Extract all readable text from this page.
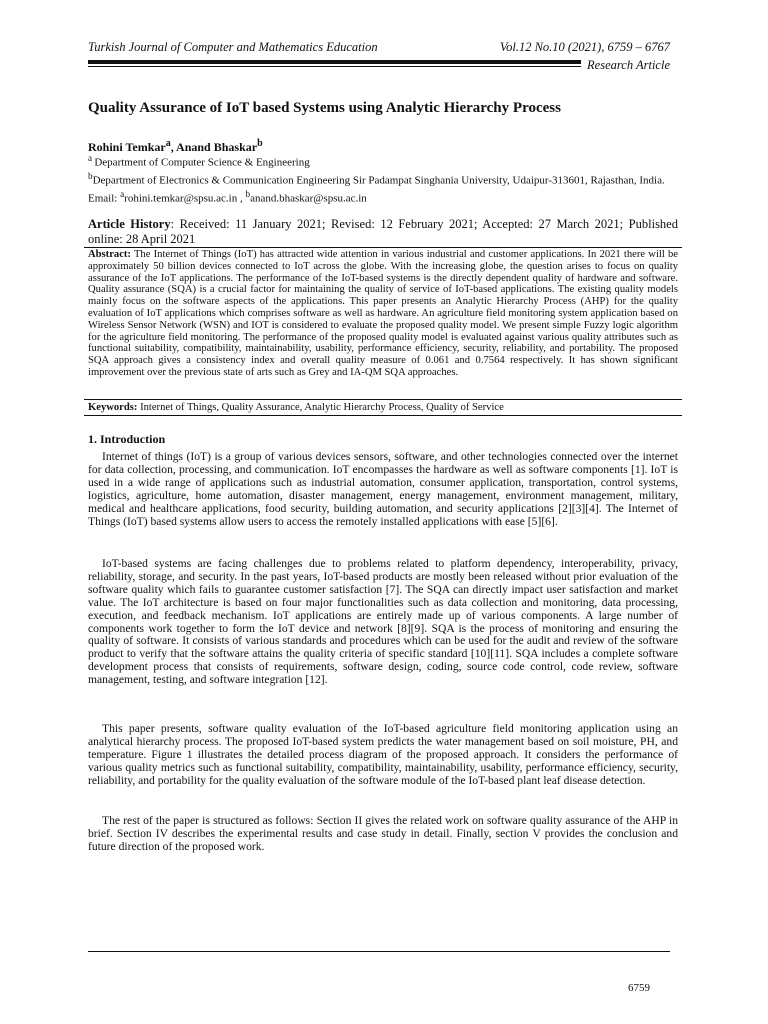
Turkish Journal of Computer and Mathematics Education	Vol.12 No.10 (2021), 6759 – 6767
Research Article
Quality Assurance of IoT based Systems using Analytic Hierarchy Process
Rohini Temkar$^a$, Anand Bhaskar$^b$
$^a$ Department of Computer Science & Engineering
$^b$Department of Electronics & Communication Engineering Sir Padampat Singhania University, Udaipur-313601, Rajasthan, India.
Email: $^a$rohini.temkar@spsu.ac.in , $^b$anand.bhaskar@spsu.ac.in
Article History: Received: 11 January 2021; Revised: 12 February 2021; Accepted: 27 March 2021; Published online: 28 April 2021
Abstract: The Internet of Things (IoT) has attracted wide attention in various industrial and customer applications. In 2021 there will be approximately 50 billion devices connected to IoT across the globe. With the increasing globe, the question arises to focus on quality assurance of the IoT applications. The performance of the IoT-based systems is the directly dependent quality of hardware and software. Quality assurance (SQA) is a crucial factor for maintaining the quality of service of IoT-based applications. The existing quality models mainly focus on the software aspects of the applications. This paper presents an Analytic Hierarchy Process (AHP) for the quality evaluation of IoT applications which comprises software as well as hardware. An agriculture field monitoring system application based on Wireless Sensor Network (WSN) and IOT is considered to evaluate the proposed quality model. We present simple Fuzzy logic algorithm for the agriculture field monitoring. The performance of the proposed quality model is evaluated against various quality attributes such as functional suitability, compatibility, maintainability, usability, performance efficiency, security, reliability, and portability. The proposed SQA approach gives a consistency index and overall quality measure of 0.061 and 0.7564 respectively. It has shown significant improvement over the previous state of arts such as Grey and IA-QM SQA approaches.
Keywords: Internet of Things, Quality Assurance, Analytic Hierarchy Process, Quality of Service
1. Introduction

Internet of things (IoT) is a group of various devices sensors, software, and other technologies connected over the internet for data collection, processing, and communication. IoT encompasses the hardware as well as software components [1]. IoT is used in a wide range of applications such as industrial automation, consumer application, transportation, control systems, logistics, agriculture, home automation, disaster management, energy management, environment management, military, medical and healthcare applications, food security, building automation, and security applications [2][3][4]. The Internet of Things (IoT) based systems allow users to access the remotely installed applications with ease [5][6].

IoT-based systems are facing challenges due to problems related to platform dependency, interoperability, privacy, reliability, storage, and security. In the past years, IoT-based products are mostly been released without prior evaluation of the software quality which fails to guarantee customer satisfaction [7]. The SQA can directly impact user satisfaction and market value. The IoT architecture is based on four major functionalities such as data collection and monitoring, data processing, execution, and feedback mechanism. IoT applications are entirely made up of various components. A large number of components work together to form the IoT device and network [8][9]. SQA is the process of monitoring and ensuring the quality of software. It consists of various standards and procedures which can be used for the audit and review of the software product to verify that the software attains the quality criteria of specific standard [10][11]. SQA includes a complete software development process that consists of requirements, software design, coding, source code control, code review, software management, testing, and software integration [12].

This paper presents, software quality evaluation of the IoT-based agriculture field monitoring application using an analytical hierarchy process. The proposed IoT-based system predicts the water management based on soil moisture, PH, and temperature. Figure 1 illustrates the detailed process diagram of the proposed approach. It considers the performance of various quality metrics such as functional suitability, compatibility, maintainability, usability, performance efficiency, security, reliability, and portability for the quality evaluation of the software module of the IoT-based plant leaf disease detection.

The rest of the paper is structured as follows: Section II gives the related work on software quality assurance of the AHP in brief. Section IV describes the experimental results and case study in detail. Finally, section V provides the conclusion and future direction of the proposed work.

6759
